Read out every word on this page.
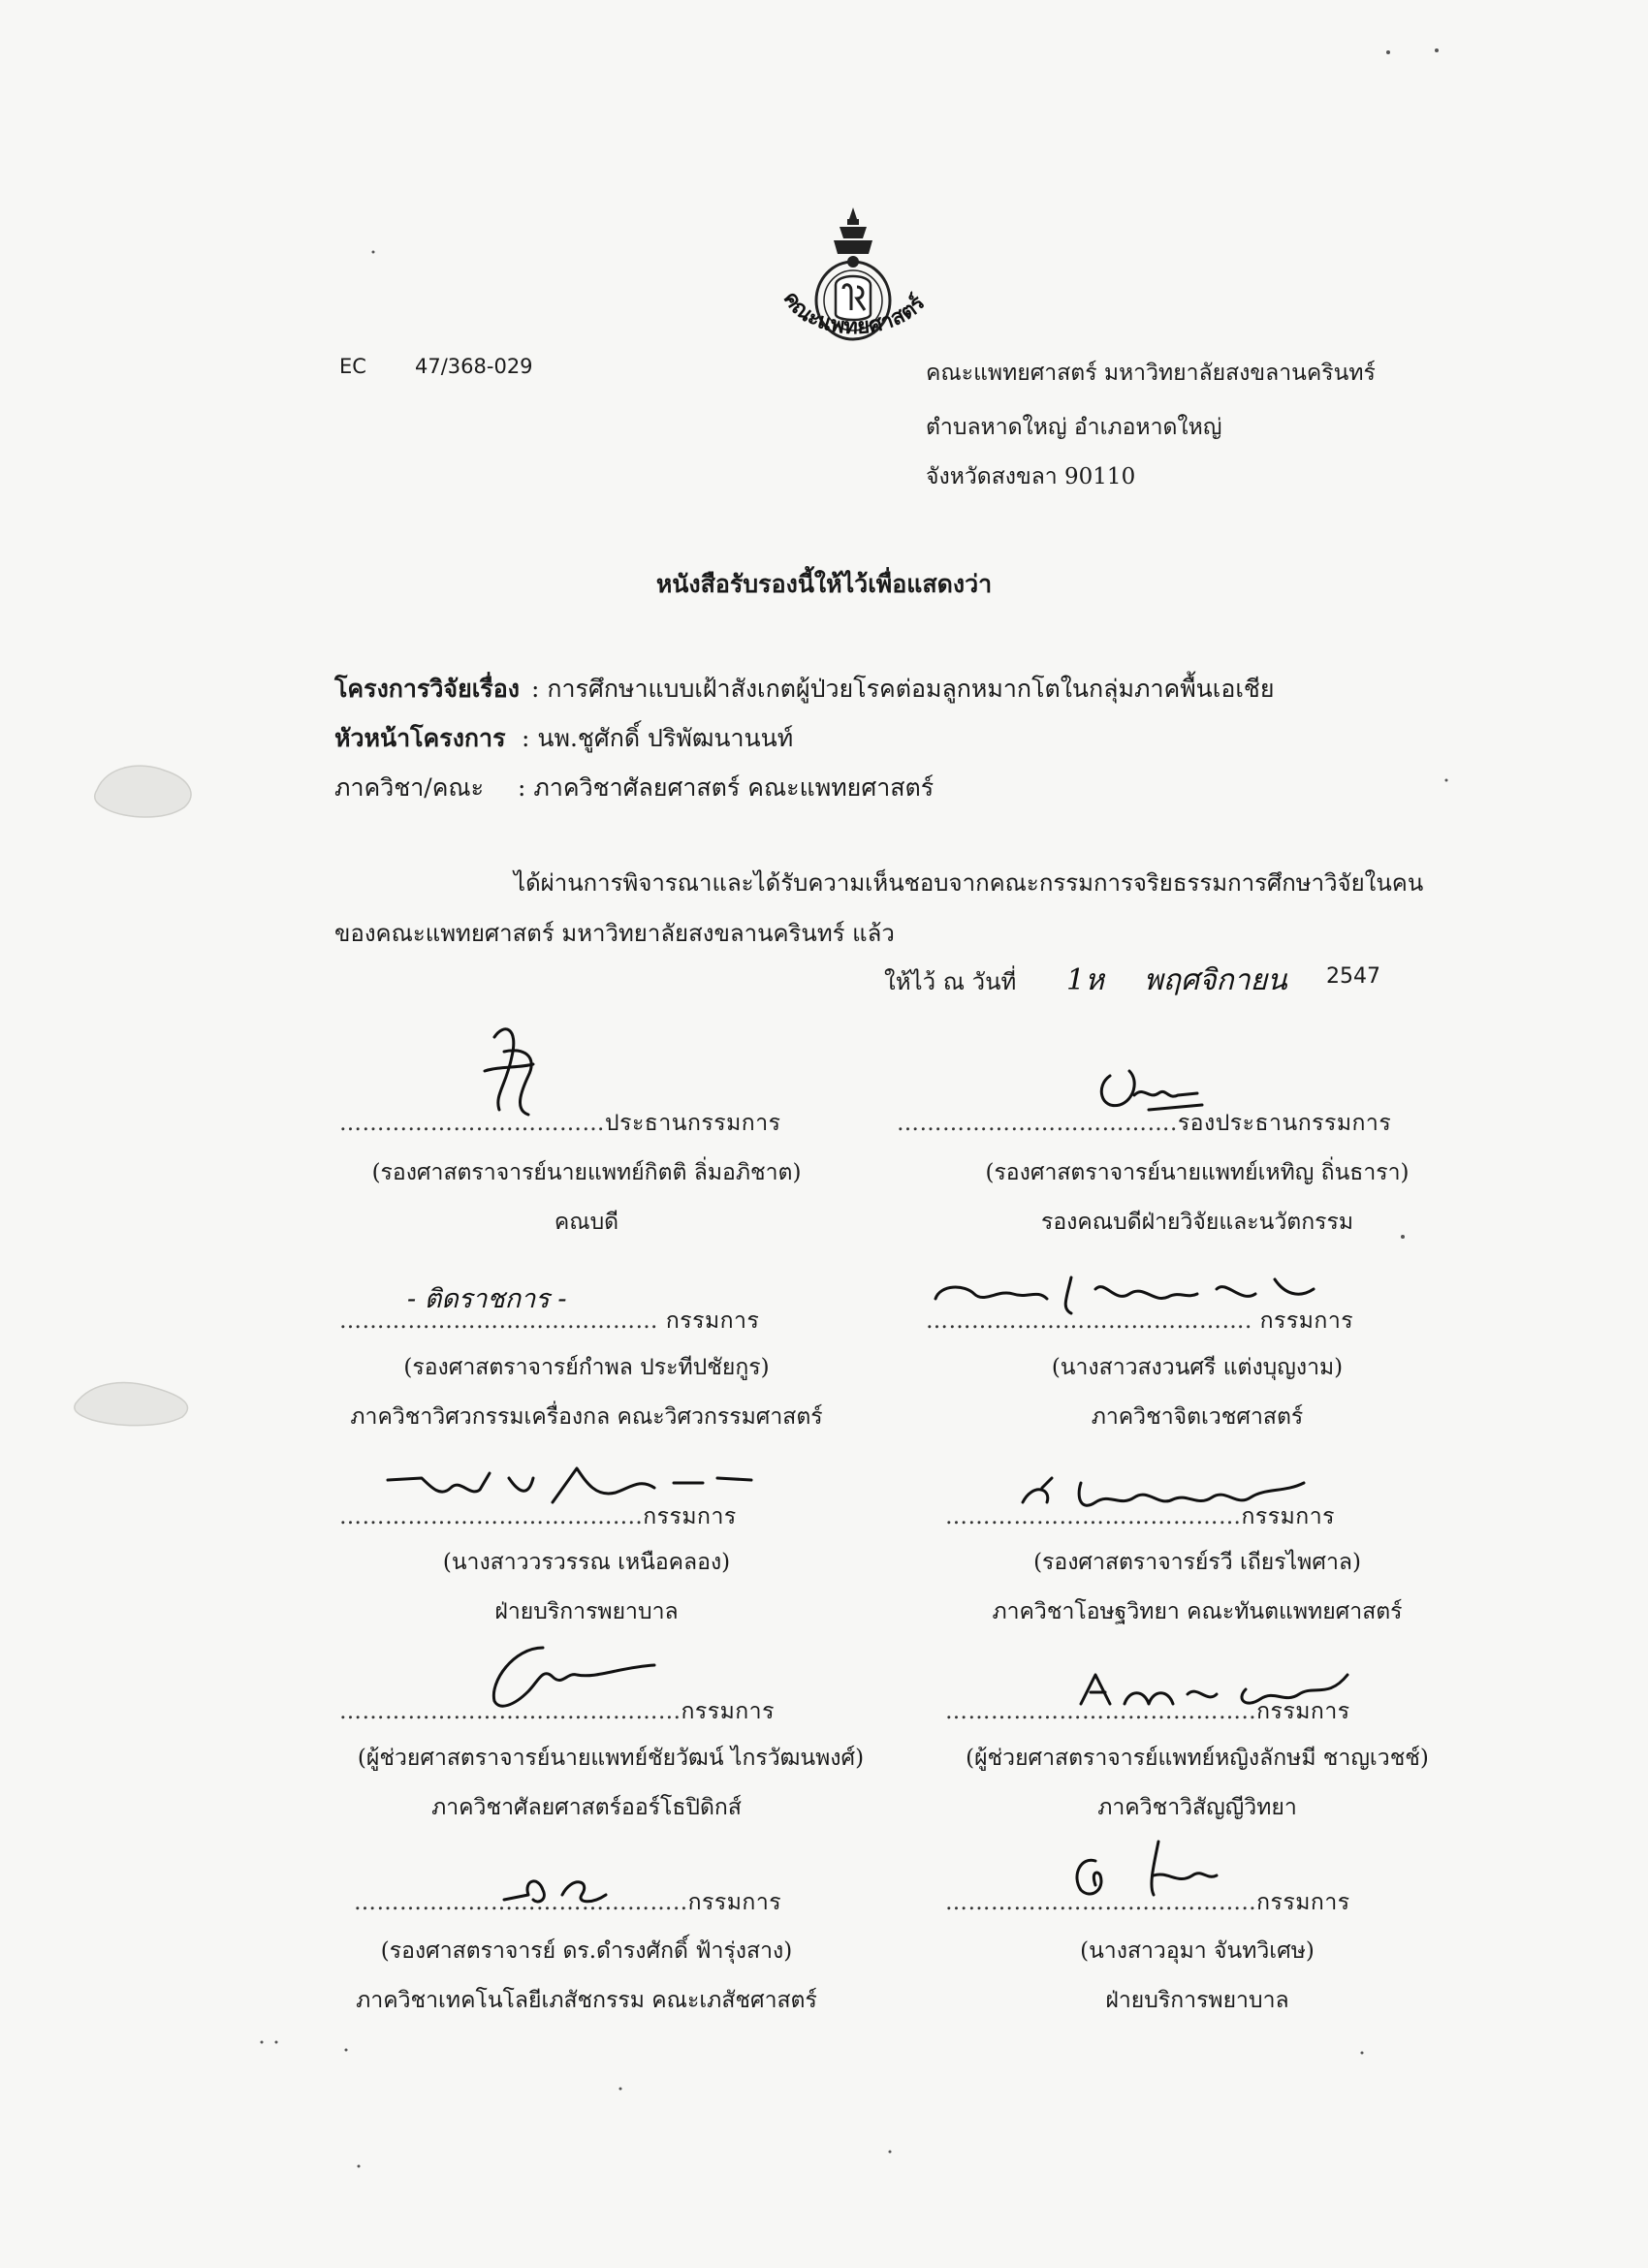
คณะแพทยศาสตร์
EC 47/368-029	คณะแพทยศาสตร์ มหาวิทยาลัยสงขลานครินทร์
ตำบลหาดใหญ่ อำเภอหาดใหญ่
จังหวัดสงขลา 90110
หนังสือรับรองนี้ให้ไว้เพื่อแสดงว่า
โครงการวิจัยเรื่อง : การศึกษาแบบเฝ้าสังเกตผู้ป่วยโรคต่อมลูกหมากโตในกลุ่มภาคพื้นเอเชีย
หัวหน้าโครงการ : นพ.ชูศักดิ์ ปริพัฒนานนท์
ภาควิชา/คณะ : ภาควิชาศัลยศาสตร์ คณะแพทยศาสตร์
ได้ผ่านการพิจารณาและได้รับความเห็นชอบจากคณะกรรมการจริยธรรมการศึกษาวิจัยในคน
ของคณะแพทยศาสตร์ มหาวิทยาลัยสงขลานครินทร์ แล้ว
ให้ไว้ ณ วันที่ 1ห พฤศจิกายน 2547
……...……….....…………ประธานกรรมการ
(รองศาสตราจารย์นายแพทย์กิตติ ลิ่มอภิชาต)
คณบดี
……………………………….รองประธานกรรมการ
(รองศาสตราจารย์นายแพทย์เหทิญ ถิ่นธารา)
รองคณบดีฝ่ายวิจัยและนวัตกรรม
- ติดราชการ -
…………………………………… กรรมการ
(รองศาสตราจารย์กำพล ประทีปชัยกูร)
ภาควิชาวิศวกรรมเครื่องกล คณะวิศวกรรมศาสตร์
……………………………………. กรรมการ
(นางสาวสงวนศรี แต่งบุญงาม)
ภาควิชาจิตเวชศาสตร์
………………………………....กรรมการ
(นางสาววรวรรณ เหนือคลอง)
ฝ่ายบริการพยาบาล
…………………………………กรรมการ
(รองศาสตราจารย์รวี เถียรไพศาล)
ภาควิชาโอษฐวิทยา คณะทันตแพทยศาสตร์
……………………………………...กรรมการ
(ผู้ช่วยศาสตราจารย์นายแพทย์ชัยวัฒน์ ไกรวัฒนพงศ์)
ภาควิชาศัลยศาสตร์ออร์โธปิดิกส์
…………………………………..กรรมการ
(ผู้ช่วยศาสตราจารย์แพทย์หญิงลักษมี ชาญเวชช์)
ภาควิชาวิสัญญีวิทยา
……………………………………..กรรมการ
(รองศาสตราจารย์ ดร.ดำรงศักดิ์ ฟ้ารุ่งสาง)
ภาควิชาเทคโนโลยีเภสัชกรรม คณะเภสัชศาสตร์
…………………………………..กรรมการ
(นางสาวอุมา จันทวิเศษ)
ฝ่ายบริการพยาบาล
